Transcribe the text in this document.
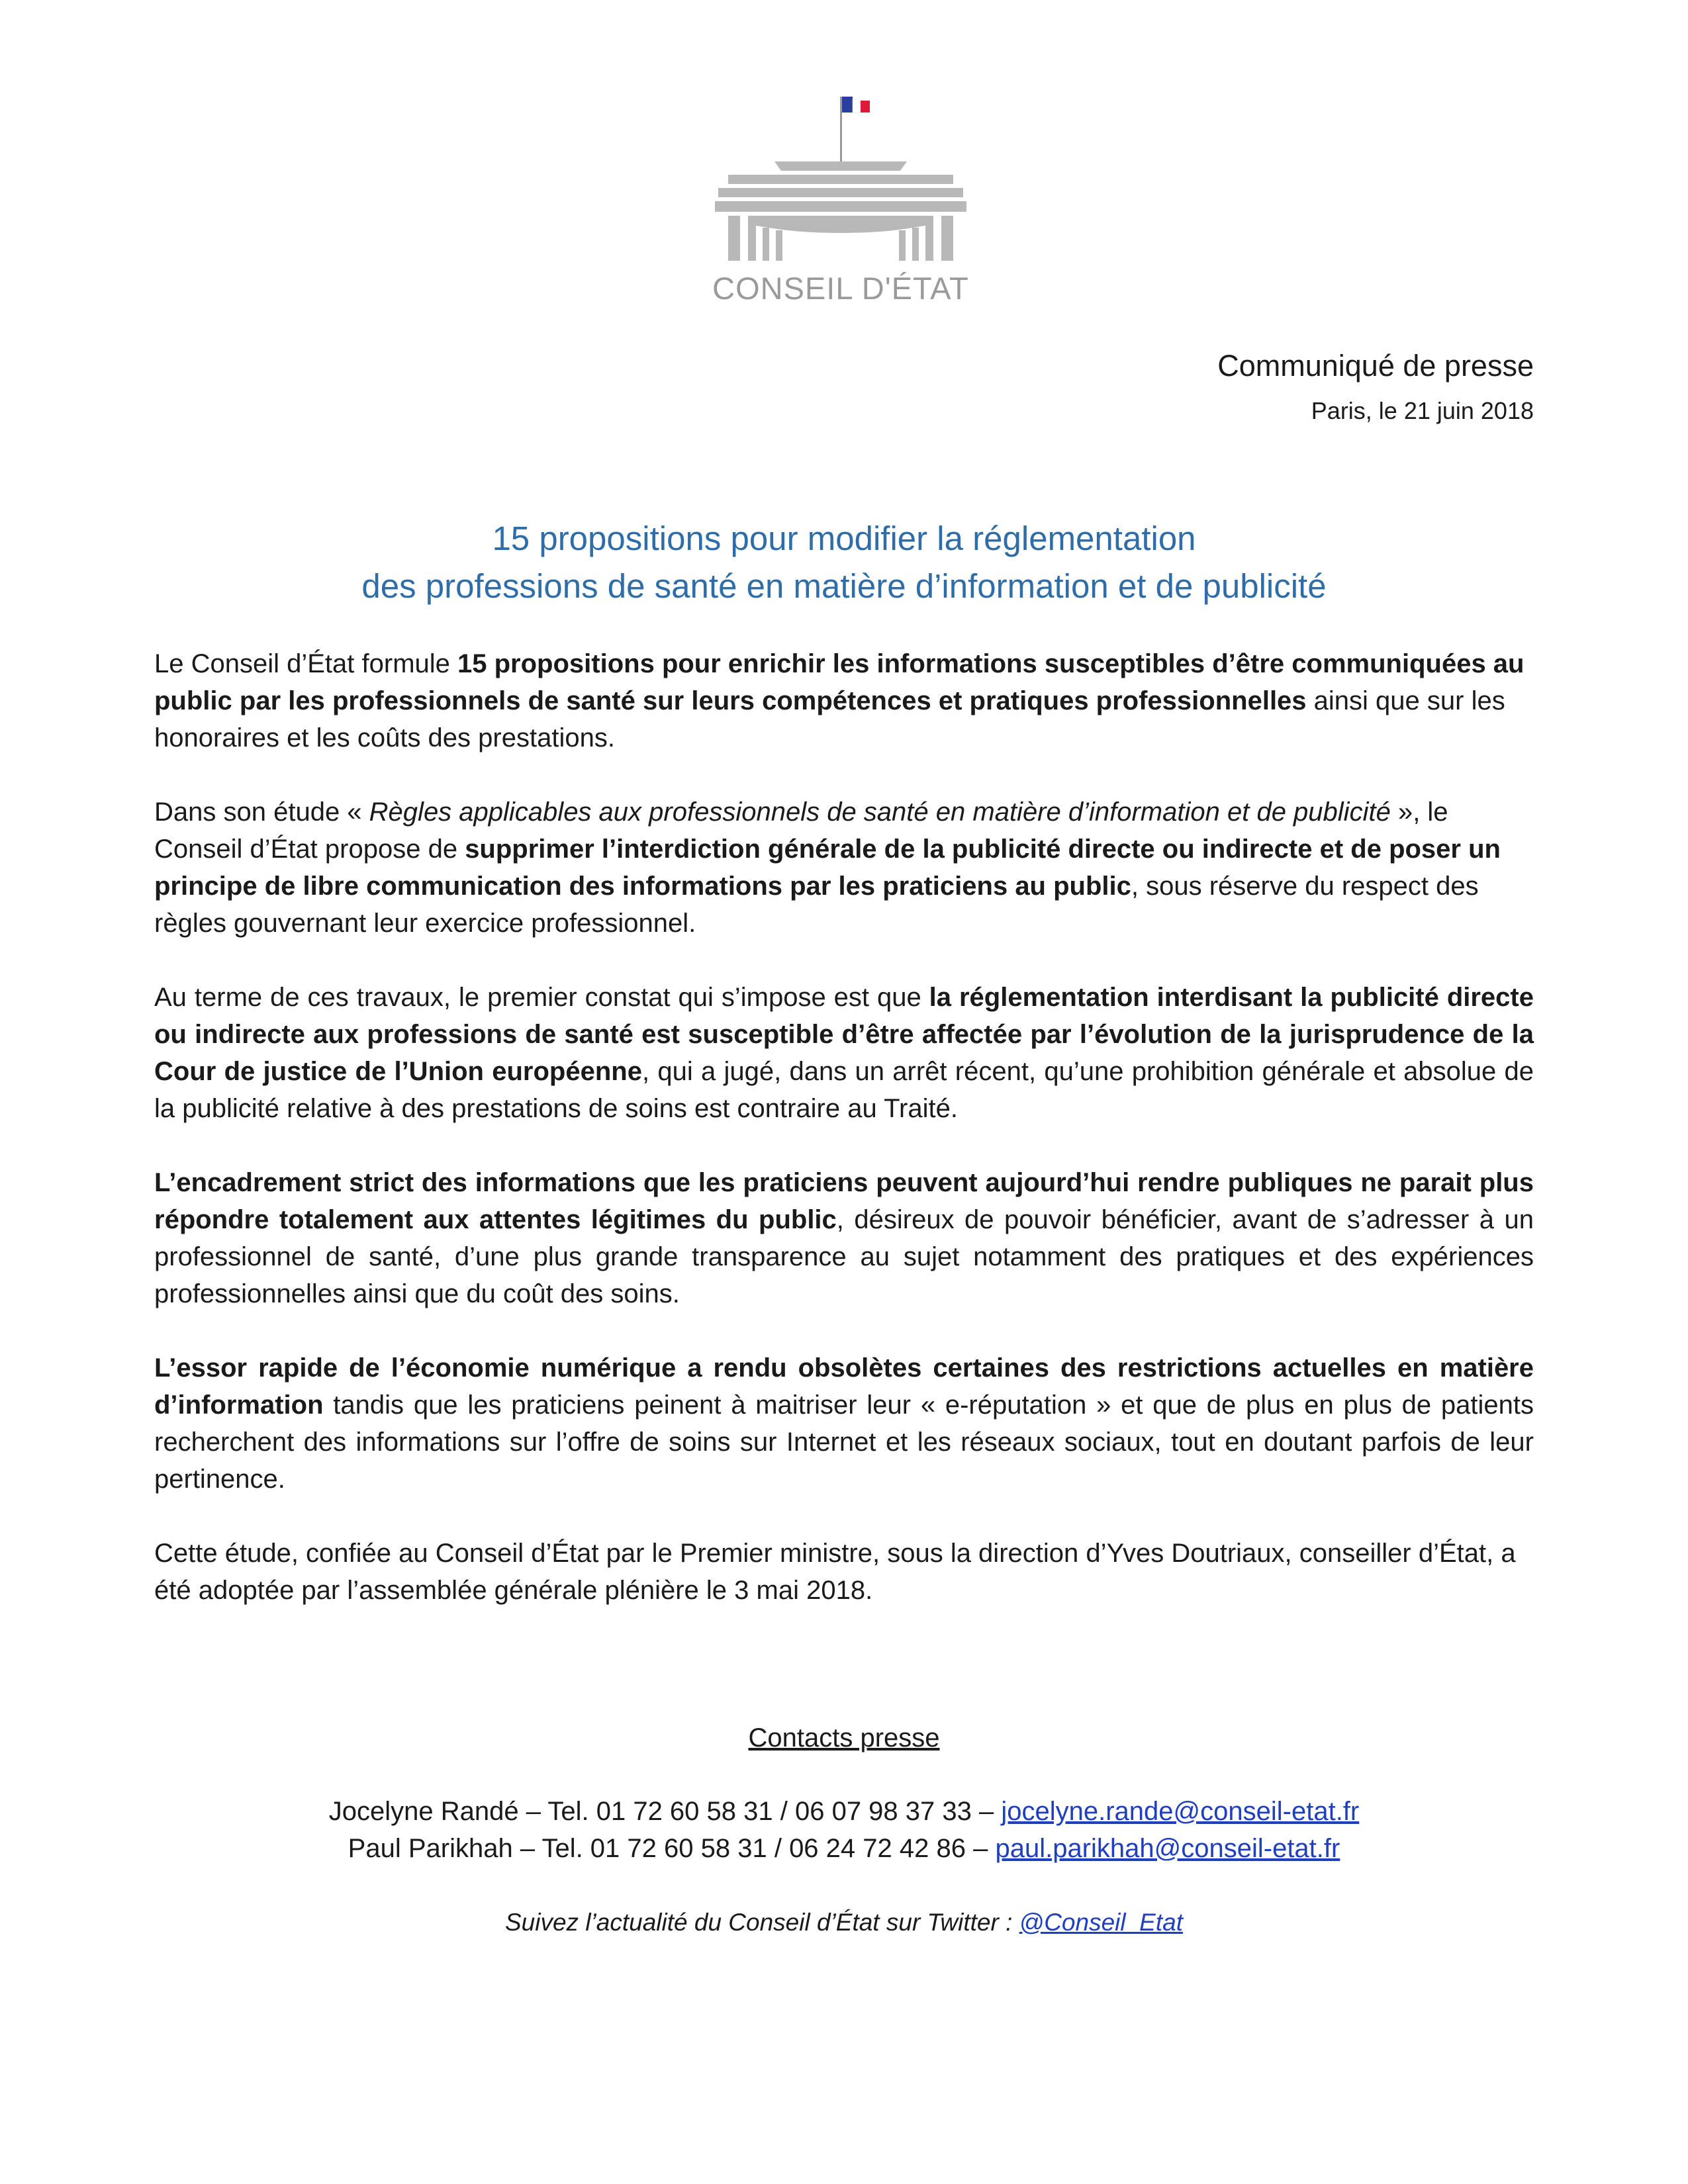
CONSEIL D'ÉTAT
Communiqué de presse
Paris, le 21 juin 2018
15 propositions pour modifier la réglementation
des professions de santé en matière d’information et de publicité

Le Conseil d’État formule 15 propositions pour enrichir les informations susceptibles d’être communiquées au public par les professionnels de santé sur leurs compétences et pratiques professionnelles ainsi que sur les honoraires et les coûts des prestations.

Dans son étude « Règles applicables aux professionnels de santé en matière d’information et de publicité », le Conseil d’État propose de supprimer l’interdiction générale de la publicité directe ou indirecte et de poser un principe de libre communication des informations par les praticiens au public, sous réserve du respect des règles gouvernant leur exercice professionnel.

Au terme de ces travaux, le premier constat qui s’impose est que la réglementation interdisant la publicité directe ou indirecte aux professions de santé est susceptible d’être affectée par l’évolution de la jurisprudence de la Cour de justice de l’Union européenne, qui a jugé, dans un arrêt récent, qu’une prohibition générale et absolue de la publicité relative à des prestations de soins est contraire au Traité.

L’encadrement strict des informations que les praticiens peuvent aujourd’hui rendre publiques ne parait plus répondre totalement aux attentes légitimes du public, désireux de pouvoir bénéficier, avant de s’adresser à un professionnel de santé, d’une plus grande transparence au sujet notamment des pratiques et des expériences professionnelles ainsi que du coût des soins.

L’essor rapide de l’économie numérique a rendu obsolètes certaines des restrictions actuelles en matière d’information tandis que les praticiens peinent à maitriser leur « e-réputation » et que de plus en plus de patients recherchent des informations sur l’offre de soins sur Internet et les réseaux sociaux, tout en doutant parfois de leur pertinence.

Cette étude, confiée au Conseil d’État par le Premier ministre, sous la direction d’Yves Doutriaux, conseiller d’État, a été adoptée par l’assemblée générale plénière le 3 mai 2018.

Contacts presse
Jocelyne Randé – Tel. 01 72 60 58 31 / 06 07 98 37 33 – jocelyne.rande@conseil-etat.fr
Paul Parikhah – Tel. 01 72 60 58 31 / 06 24 72 42 86 – paul.parikhah@conseil-etat.fr
Suivez l’actualité du Conseil d’État sur Twitter : @Conseil_Etat
